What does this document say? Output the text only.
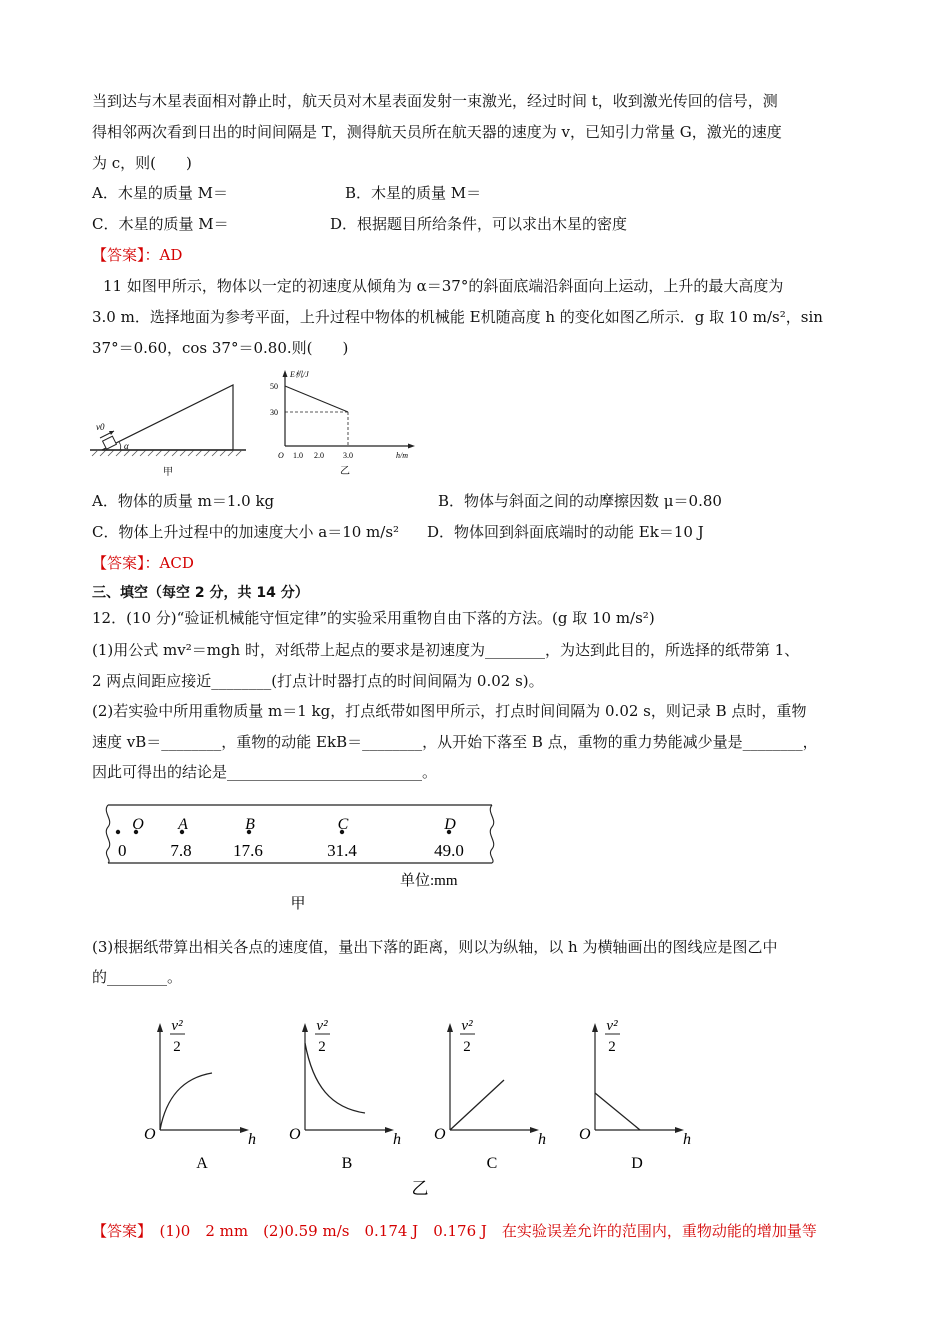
当到达与木星表面相对静止时，航天员对木星表面发射一束激光，经过时间 t，收到激光传回的信号，测
得相邻两次看到日出的时间间隔是 T，测得航天员所在航天器的速度为 v，已知引力常量 G，激光的速度
为 c，则(　　)
A．木星的质量 M＝	B．木星的质量 M＝
C．木星的质量 M＝	D．根据题目所给条件，可以求出木星的密度
【答案】：AD
11 如图甲所示，物体以一定的初速度从倾角为 α＝37°的斜面底端沿斜面向上运动，上升的最大高度为
3.0 m．选择地面为参考平面，上升过程中物体的机械能 E机随高度 h 的变化如图乙所示．g 取 10 m/s²，sin
37°＝0.60，cos 37°＝0.80.则(　　)
v0
α
甲
E机/J
50
30
O 1.0 2.0 3.0	h/m
乙
A．物体的质量 m＝1.0 kg	B．物体与斜面之间的动摩擦因数 μ＝0.80
C．物体上升过程中的加速度大小 a＝10 m/s² D．物体回到斜面底端时的动能 Ek＝10 J
【答案】：ACD
三、填空（每空 2 分，共 14 分）
12．(10 分)“验证机械能守恒定律”的实验采用重物自由下落的方法。(g 取 10 m/s²)
(1)用公式 mv²＝mgh 时，对纸带上起点的要求是初速度为________，为达到此目的，所选择的纸带第 1、
2 两点间距应接近________(打点计时器打点的时间间隔为 0.02 s)。
(2)若实验中所用重物质量 m＝1 kg，打点纸带如图甲所示，打点时间间隔为 0.02 s，则记录 B 点时，重物
速度 vB＝________，重物的动能 EkB＝________，从开始下落至 B 点，重物的重力势能减少量是________，
因此可得出的结论是__________________________。
0	7.8 17.6	31.4	49.0
O A	B	C	D
单位:mm
甲
(3)根据纸带算出相关各点的速度值，量出下落的距离，则以为纵轴，以 h 为横轴画出的图线应是图乙中
的________。
v²
2
O	h
A
v²
2
O	h
B
v²
2
O	h
C
v²
2
O	h
D
乙
【答案】　 (1)0　2 mm　(2)0.59 m/s　0.174 J　0.176 J　在实验误差允许的范围内，重物动能的增加量等
